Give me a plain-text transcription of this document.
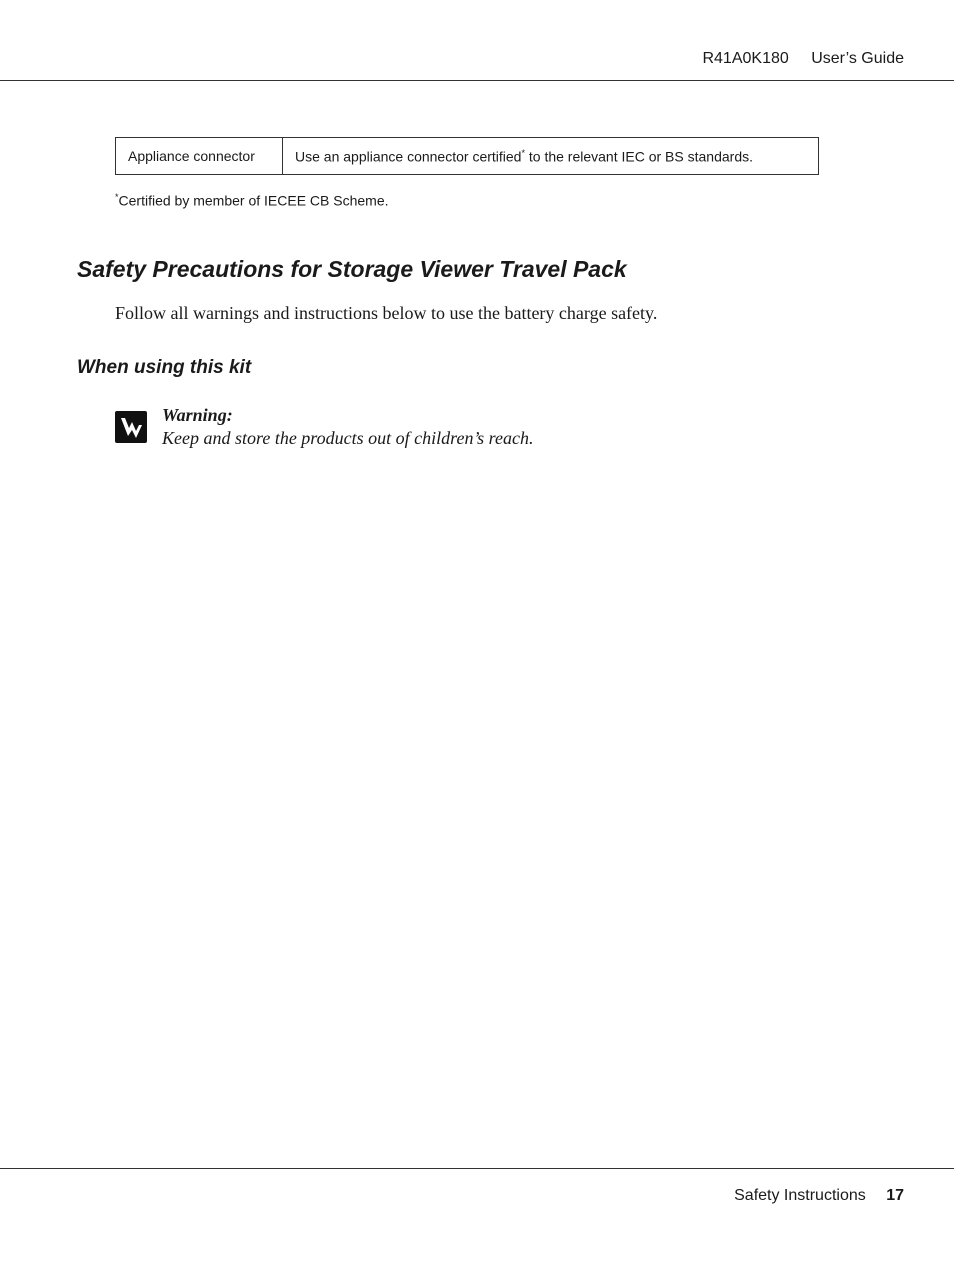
R41A0K180 User’s Guide
Appliance connector	Use an appliance connector certified* to the relevant IEC or BS standards.
*Certified by member of IECEE CB Scheme.
Safety Precautions for Storage Viewer Travel Pack

Follow all warnings and instructions below to use the battery charge safety.

When using this kit
Warning:
Keep and store the products out of children’s reach.
Safety Instructions 17
